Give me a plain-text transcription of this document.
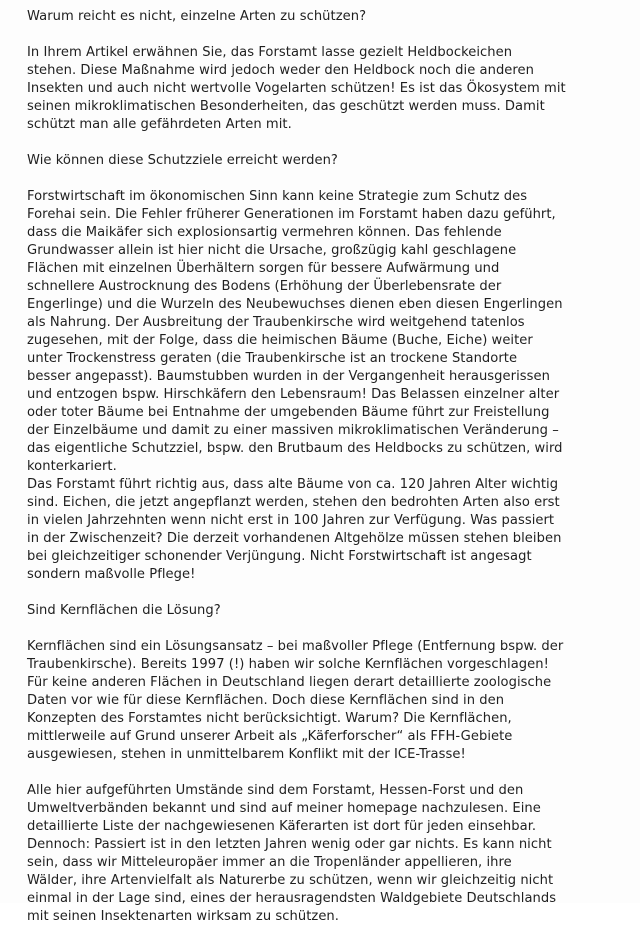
Warum reicht es nicht, einzelne Arten zu schützen?

In Ihrem Artikel erwähnen Sie, das Forstamt lasse gezielt Heldbockeichen
stehen. Diese Maßnahme wird jedoch weder den Heldbock noch die anderen
Insekten und auch nicht wertvolle Vogelarten schützen! Es ist das Ökosystem mit
seinen mikroklimatischen Besonderheiten, das geschützt werden muss. Damit
schützt man alle gefährdeten Arten mit.

Wie können diese Schutzziele erreicht werden?

Forstwirtschaft im ökonomischen Sinn kann keine Strategie zum Schutz des
Forehai sein. Die Fehler früherer Generationen im Forstamt haben dazu geführt,
dass die Maikäfer sich explosionsartig vermehren können. Das fehlende
Grundwasser allein ist hier nicht die Ursache, großzügig kahl geschlagene
Flächen mit einzelnen Überhältern sorgen für bessere Aufwärmung und
schnellere Austrocknung des Bodens (Erhöhung der Überlebensrate der
Engerlinge) und die Wurzeln des Neubewuchses dienen eben diesen Engerlingen
als Nahrung. Der Ausbreitung der Traubenkirsche wird weitgehend tatenlos
zugesehen, mit der Folge, dass die heimischen Bäume (Buche, Eiche) weiter
unter Trockenstress geraten (die Traubenkirsche ist an trockene Standorte
besser angepasst). Baumstubben wurden in der Vergangenheit herausgerissen
und entzogen bspw. Hirschkäfern den Lebensraum! Das Belassen einzelner alter
oder toter Bäume bei Entnahme der umgebenden Bäume führt zur Freistellung
der Einzelbäume und damit zu einer massiven mikroklimatischen Veränderung –
das eigentliche Schutzziel, bspw. den Brutbaum des Heldbocks zu schützen, wird
konterkariert.
Das Forstamt führt richtig aus, dass alte Bäume von ca. 120 Jahren Alter wichtig
sind. Eichen, die jetzt angepflanzt werden, stehen den bedrohten Arten also erst
in vielen Jahrzehnten wenn nicht erst in 100 Jahren zur Verfügung. Was passiert
in der Zwischenzeit? Die derzeit vorhandenen Altgehölze müssen stehen bleiben
bei gleichzeitiger schonender Verjüngung. Nicht Forstwirtschaft ist angesagt
sondern maßvolle Pflege!

Sind Kernflächen die Lösung?

Kernflächen sind ein Lösungsansatz – bei maßvoller Pflege (Entfernung bspw. der
Traubenkirsche). Bereits 1997 (!) haben wir solche Kernflächen vorgeschlagen!
Für keine anderen Flächen in Deutschland liegen derart detaillierte zoologische
Daten vor wie für diese Kernflächen. Doch diese Kernflächen sind in den
Konzepten des Forstamtes nicht berücksichtigt. Warum? Die Kernflächen,
mittlerweile auf Grund unserer Arbeit als „Käferforscher“ als FFH-Gebiete
ausgewiesen, stehen in unmittelbarem Konflikt mit der ICE-Trasse!

Alle hier aufgeführten Umstände sind dem Forstamt, Hessen-Forst und den
Umweltverbänden bekannt und sind auf meiner homepage nachzulesen. Eine
detaillierte Liste der nachgewiesenen Käferarten ist dort für jeden einsehbar.
Dennoch: Passiert ist in den letzten Jahren wenig oder gar nichts. Es kann nicht
sein, dass wir Mitteleuropäer immer an die Tropenländer appellieren, ihre
Wälder, ihre Artenvielfalt als Naturerbe zu schützen, wenn wir gleichzeitig nicht
einmal in der Lage sind, eines der herausragendsten Waldgebiete Deutschlands
mit seinen Insektenarten wirksam zu schützen.
